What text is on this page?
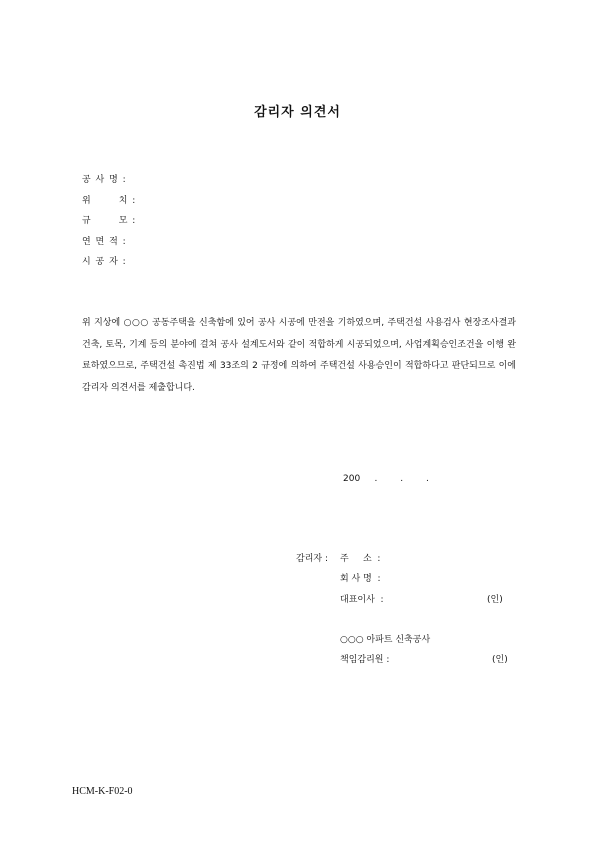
감리자 의견서
공 사 명 :
위       치 :
규       모 :
연 면 적 :
시 공 자 :

위 지상에 ○○○ 공동주택을 신축함에 있어 공사 시공에 만전을 기하였으며, 주택건설 사용검사 현장조사결과 건축, 토목, 기계 등의 분야에 걸쳐 공사 설계도서와 같이 적합하게 시공되었으며, 사업계획승인조건을 이행 완료하였으므로, 주택건설 촉진법 제 33조의 2 규정에 의하여 주택건설 사용승인이 적합하다고 판단되므로 이에 감리자 의견서를 제출합니다.

200     .        .        .
감리자 : 주     소  :
회 사 명  :
대표이사  :	(인)
○○○ 아파트 신축공사
책임감리원 :	(인)
HCM-K-F02-0
